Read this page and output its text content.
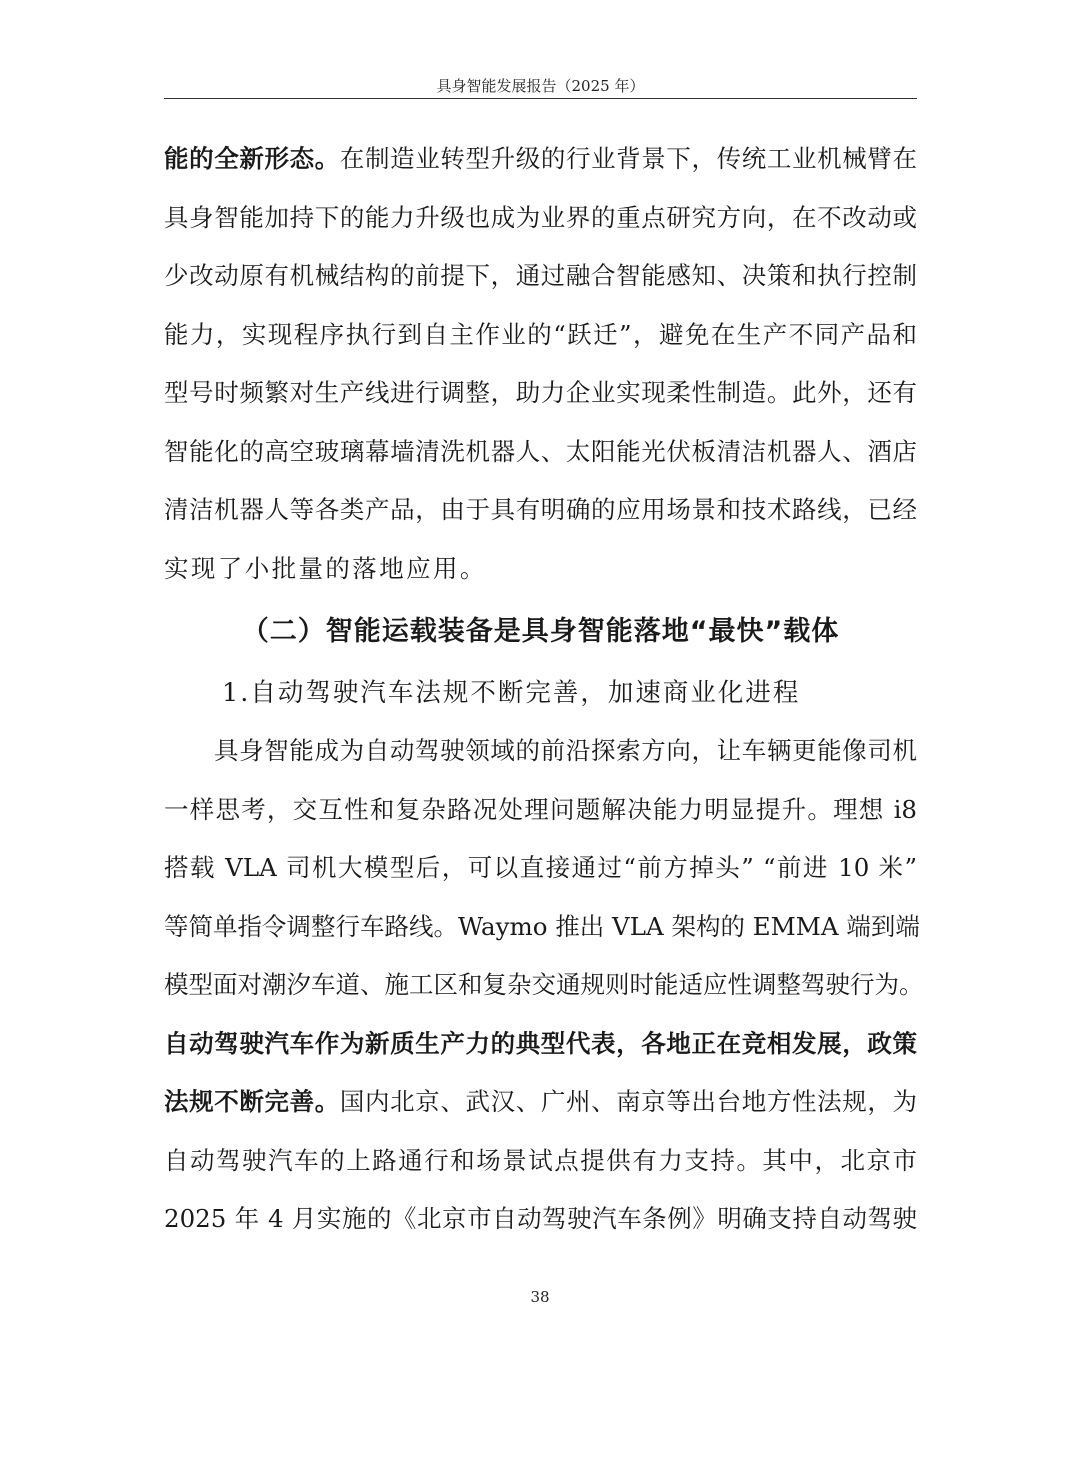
具身智能发展报告（2025 年）
能的全新形态。在制造业转型升级的行业背景下，传统工业机械臂在
具身智能加持下的能力升级也成为业界的重点研究方向，在不改动或
少改动原有机械结构的前提下，通过融合智能感知、决策和执行控制
能力，实现程序执行到自主作业的“跃迁”，避免在生产不同产品和
型号时频繁对生产线进行调整，助力企业实现柔性制造。此外，还有
智能化的高空玻璃幕墙清洗机器人、太阳能光伏板清洁机器人、酒店
清洁机器人等各类产品，由于具有明确的应用场景和技术路线，已经
实现了小批量的落地应用。
（二）智能运载装备是具身智能落地“最快”载体
1.自动驾驶汽车法规不断完善，加速商业化进程
具身智能成为自动驾驶领域的前沿探索方向，让车辆更能像司机
一样思考，交互性和复杂路况处理问题解决能力明显提升。理想 i8
搭载 VLA 司机大模型后，可以直接通过“前方掉头” “前进 10 米”
等简单指令调整行车路线。Waymo 推出 VLA 架构的 EMMA 端到端
模型面对潮汐车道、施工区和复杂交通规则时能适应性调整驾驶行为。
自动驾驶汽车作为新质生产力的典型代表，各地正在竞相发展，政策
法规不断完善。国内北京、武汉、广州、南京等出台地方性法规，为
自动驾驶汽车的上路通行和场景试点提供有力支持。其中，北京市
2025 年 4 月实施的《北京市自动驾驶汽车条例》明确支持自动驾驶
38
